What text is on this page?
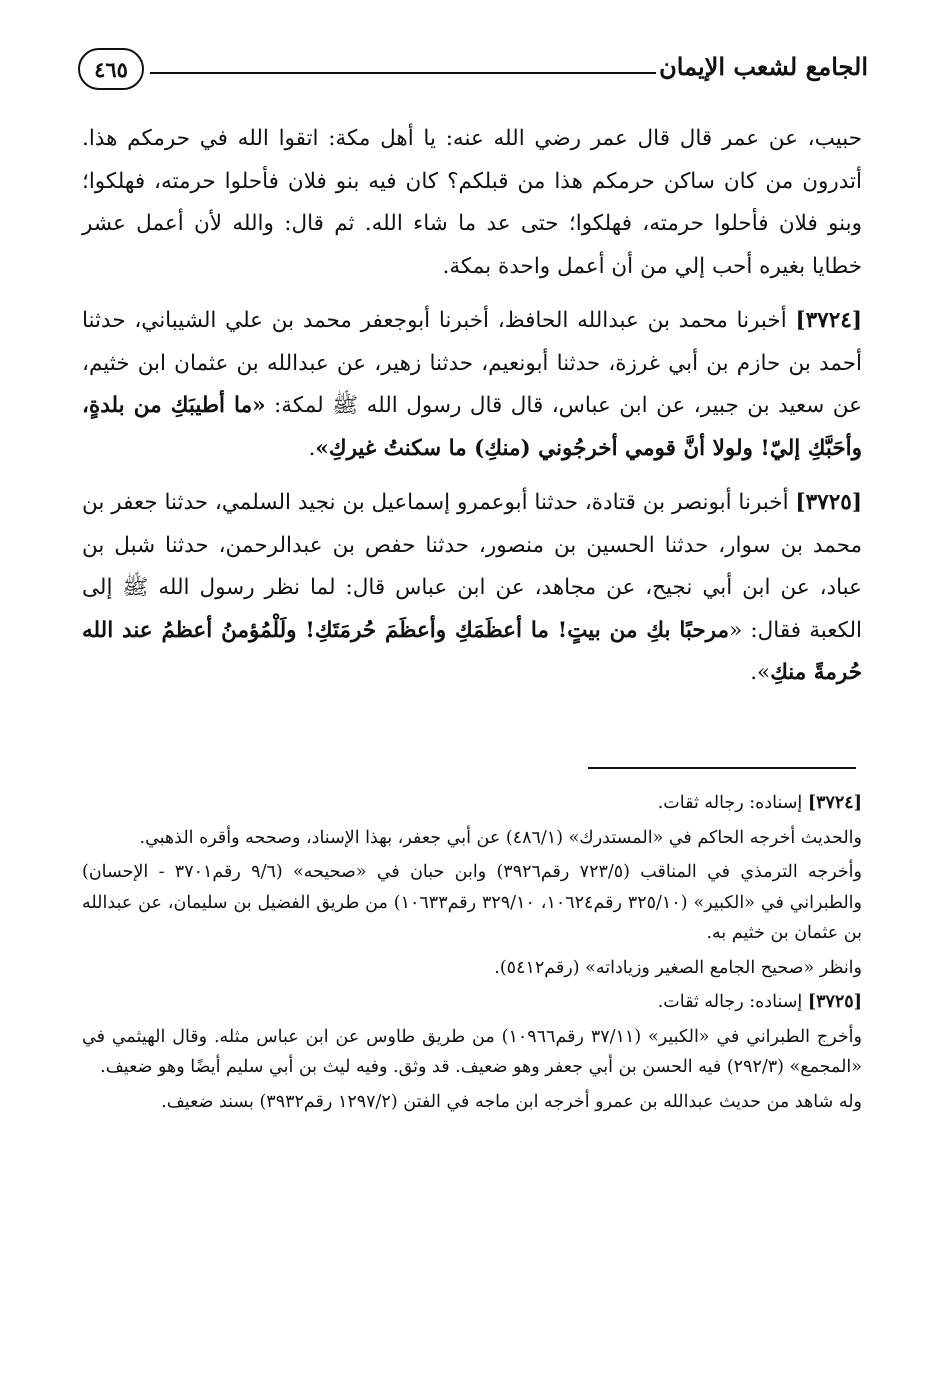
الجامع لشعب الإيمان
٤٦٥

حبيب، عن عمر قال قال عمر رضي الله عنه: يا أهل مكة: اتقوا الله في حرمكم هذا. أتدرون من كان ساكن حرمكم هذا من قبلكم؟ كان فيه بنو فلان فأحلوا حرمته، فهلكوا؛ وبنو فلان فأحلوا حرمته، فهلكوا؛ حتى عد ما شاء الله. ثم قال: والله لأن أعمل عشر خطايا بغيره أحب إلي من أن أعمل واحدة بمكة.

[٣٧٢٤] أخبرنا محمد بن عبدالله الحافظ، أخبرنا أبوجعفر محمد بن علي الشيباني، حدثنا أحمد بن حازم بن أبي غرزة، حدثنا أبونعيم، حدثنا زهير، عن عبدالله بن عثمان ابن خثيم، عن سعيد بن جبير، عن ابن عباس، قال قال رسول الله ﷺ لمكة: «ما أطيبَكِ من بلدةٍ، وأحَبَّكِ إليّ! ولولا أنَّ قومي أخرجُوني (منكِ) ما سكنتُ غيركِ».

[٣٧٢٥] أخبرنا أبونصر بن قتادة، حدثنا أبوعمرو إسماعيل بن نجيد السلمي، حدثنا جعفر بن محمد بن سوار، حدثنا الحسين بن منصور، حدثنا حفص بن عبدالرحمن، حدثنا شبل بن عباد، عن ابن أبي نجيح، عن مجاهد، عن ابن عباس قال: لما نظر رسول الله ﷺ إلى الكعبة فقال: «مرحبًا بكِ من بيتٍ! ما أعظَمَكِ وأعظَمَ حُرمَتَكِ! ولَلْمُؤمنُ أعظمُ عند الله حُرمةً منكِ».

[٣٧٢٤] إسناده: رجاله ثقات.

والحديث أخرجه الحاكم في «المستدرك» (٤٨٦/١) عن أبي جعفر، بهذا الإسناد، وصححه وأقره الذهبي.

وأخرجه الترمذي في المناقب (٧٢٣/٥ رقم٣٩٢٦) وابن حبان في «صحيحه» (٩/٦ رقم٣٧٠١ - الإحسان) والطبراني في «الكبير» (٣٢٥/١٠ رقم١٠٦٢٤، ٣٢٩/١٠ رقم١٠٦٣٣) من طريق الفضيل بن سليمان، عن عبدالله بن عثمان بن خثيم به.

وانظر «صحيح الجامع الصغير وزياداته» (رقم٥٤١٢).

[٣٧٢٥] إسناده: رجاله ثقات.

وأخرج الطبراني في «الكبير» (٣٧/١١ رقم١٠٩٦٦) من طريق طاوس عن ابن عباس مثله. وقال الهيثمي في «المجمع» (٢٩٢/٣) فيه الحسن بن أبي جعفر وهو ضعيف. قد وثق. وفيه ليث بن أبي سليم أيضًا وهو ضعيف.

وله شاهد من حديث عبدالله بن عمرو أخرجه ابن ماجه في الفتن (١٢٩٧/٢ رقم٣٩٣٢) بسند ضعيف.
